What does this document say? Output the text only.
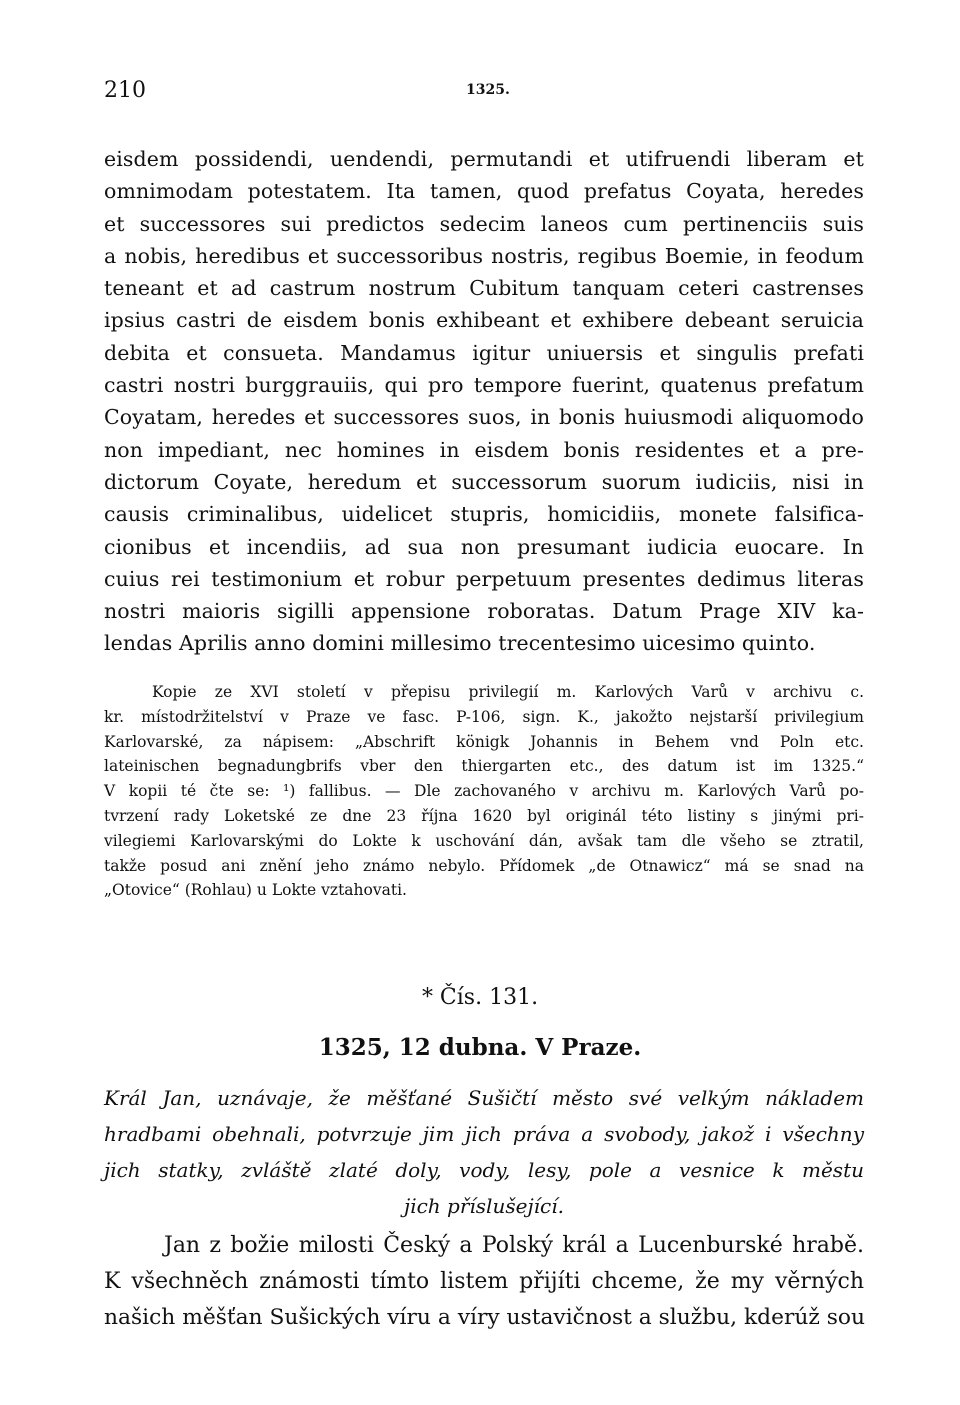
210	1325.

eisdem possidendi, uendendi, permutandi et utifruendi liberam et

omnimodam potestatem. Ita tamen, quod prefatus Coyata, heredes

et successores sui predictos sedecim laneos cum pertinenciis suis

a nobis, heredibus et successoribus nostris, regibus Boemie, in feodum

teneant et ad castrum nostrum Cubitum tanquam ceteri castrenses

ipsius castri de eisdem bonis exhibeant et exhibere debeant seruicia

debita et consueta. Mandamus igitur uniuersis et singulis prefati

castri nostri burggrauiis, qui pro tempore fuerint, quatenus prefatum

Coyatam, heredes et successores suos, in bonis huiusmodi aliquomodo

non impediant, nec homines in eisdem bonis residentes et a pre-

dictorum Coyate, heredum et successorum suorum iudiciis, nisi in

causis criminalibus, uidelicet stupris, homicidiis, monete falsifica-

cionibus et incendiis, ad sua non presumant iudicia euocare. In

cuius rei testimonium et robur perpetuum presentes dedimus literas

nostri maioris sigilli appensione roboratas. Datum Prage XIV ka-

lendas Aprilis anno domini millesimo trecentesimo uicesimo quinto.

Kopie ze XVI století v přepisu privilegií m. Karlových Varů v archivu c.

kr. místodržitelství v Praze ve fasc. P-106, sign. K., jakožto nejstarší privilegium

Karlovarské, za nápisem: „Abschrift königk Johannis in Behem vnd Poln etc.

lateinischen begnadungbrifs vber den thiergarten etc., des datum ist im 1325.“

V kopii té čte se: ¹) fallibus. — Dle zachovaného v archivu m. Karlových Varů po-

tvrzení rady Loketské ze dne 23 října 1620 byl originál této listiny s jinými pri-

vilegiemi Karlovarskými do Lokte k uschování dán, avšak tam dle všeho se ztratil,

takže posud ani znění jeho známo nebylo. Přídomek „de Otnawicz“ má se snad na

„Otovice“ (Rohlau) u Lokte vztahovati.

* Čís. 131.
1325, 12 dubna. V Praze.

Král Jan, uznávaje, že měšťané Sušičtí město své velkým nákladem

hradbami obehnali, potvrzuje jim jich práva a svobody, jakož i všechny

jich statky, zvláště zlaté doly, vody, lesy, pole a vesnice k městu

jich příslušející.

Jan z božie milosti Český a Polský král a Lucenburské hrabě.

K všechněch známosti tímto listem přijíti chceme, že my věrných

našich měšťan Sušických víru a víry ustavičnost a službu, kderúž sou
